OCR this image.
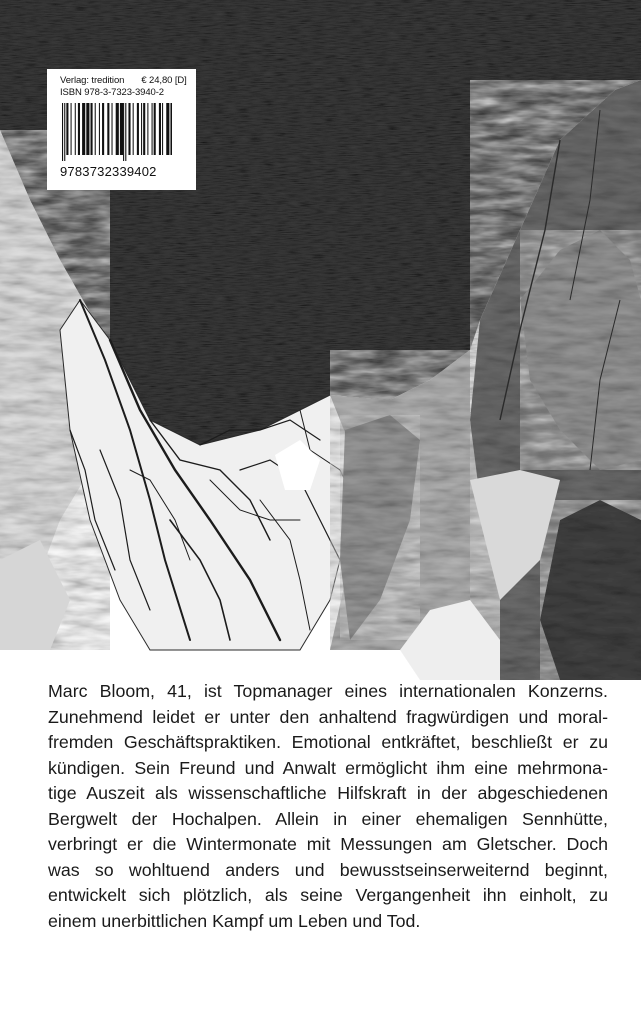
Verlag: tredition € 24,80 [D]
ISBN 978-3-7323-3940-2
9783732339402

Marc Bloom, 41, ist Topmanager eines internationalen Konzerns.
Zunehmend leidet er unter den anhaltend fragwürdigen und moral-
fremden Geschäftspraktiken. Emotional entkräftet, beschließt er zu
kündigen. Sein Freund und Anwalt ermöglicht ihm eine mehrmona-
tige Auszeit als wissenschaftliche Hilfskraft in der abgeschiedenen
Bergwelt der Hochalpen. Allein in einer ehemaligen Sennhütte,
verbringt er die Wintermonate mit Messungen am Gletscher. Doch
was so wohltuend anders und bewusstseinserweiternd beginnt,
entwickelt sich plötzlich, als seine Vergangenheit ihn einholt, zu
einem unerbittlichen Kampf um Leben und Tod.
